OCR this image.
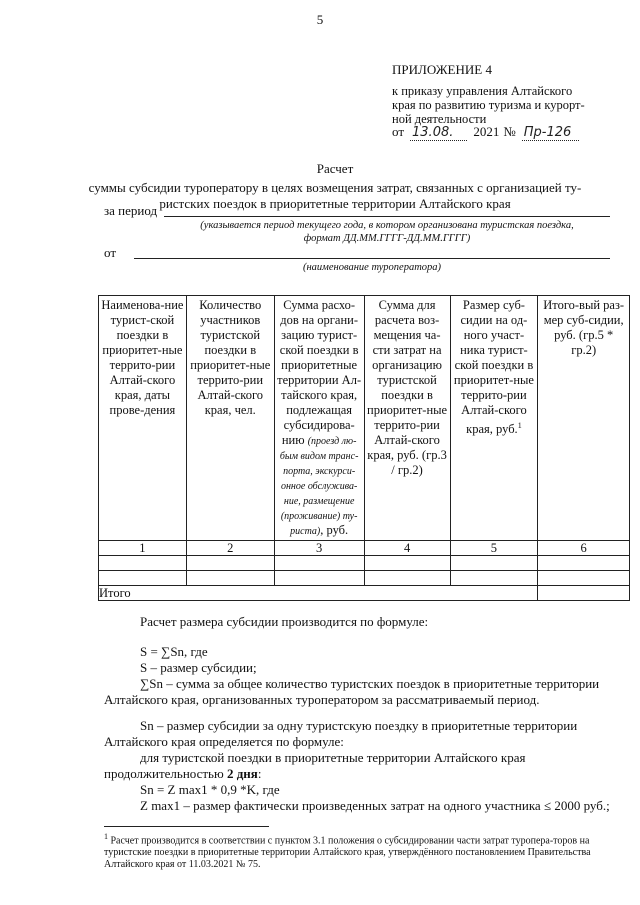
5
ПРИЛОЖЕНИЕ 4
к приказу управления Алтайского
края по развитию туризма и курорт-
ной деятельности
от 13.08.	2021 № Пр-126
Расчет
суммы субсидии туроператору в целях возмещения затрат, связанных с организацией ту-
ристских поездок в приоритетные территории Алтайского края
за период
(указывается период текущего года, в котором организована туристская поездка,
формат ДД.ММ.ГГГГ-ДД.ММ.ГГГГ)
от
(наименование туроператора)
Наименова-ние турист-ской поездки в приоритет-ные террито-рии Алтай-ского края, даты прове-дения	Количество участников туристской поездки в приоритет-ные террито-рии Алтай-ского края, чел.	Сумма расхо-дов на органи-зацию турист-ской поездки в приоритетные территории Ал-тайского края, подлежащая субсидирова-нию (проезд лю-бым видом транс-порта, экскурси-онное обслужива-ние, размещение (проживание) ту-риста), руб.	Сумма для расчета воз-мещения ча-сти затрат на организацию туристской поездки в приоритет-ные террито-рии Алтай-ского края, руб. (гр.3 / гр.2)	Размер суб-сидии на од-ного участ-ника турист-ской поездки в приоритет-ные террито-рии Алтай-ского края, руб.$^1$	Итого-вый раз-мер суб-сидии, руб. (гр.5 * гр.2)
1	2	3	4	5	6

Итого					
Расчет размера субсидии производится по формуле:
S = ∑Sn, где
S – размер субсидии;
∑Sn – сумма за общее количество туристских поездок в приоритетные территории Алтайского края, организованных туроператором за рассматриваемый период.
Sn – размер субсидии за одну туристскую поездку в приоритетные территории Алтайского края определяется по формуле:
для туристской поездки в приоритетные территории Алтайского края продолжительностью 2 дня:
Sn = Z max1 * 0,9 *K, где
Z max1 – размер фактически произведенных затрат на одного участника ≤ 2000 руб.;
$^1$ Расчет производится в соответствии с пунктом 3.1 положения о субсидировании части затрат туропера-торов на туристские поездки в приоритетные территории Алтайского края, утверждённого постановлением Правительства Алтайского края от 11.03.2021 № 75.
